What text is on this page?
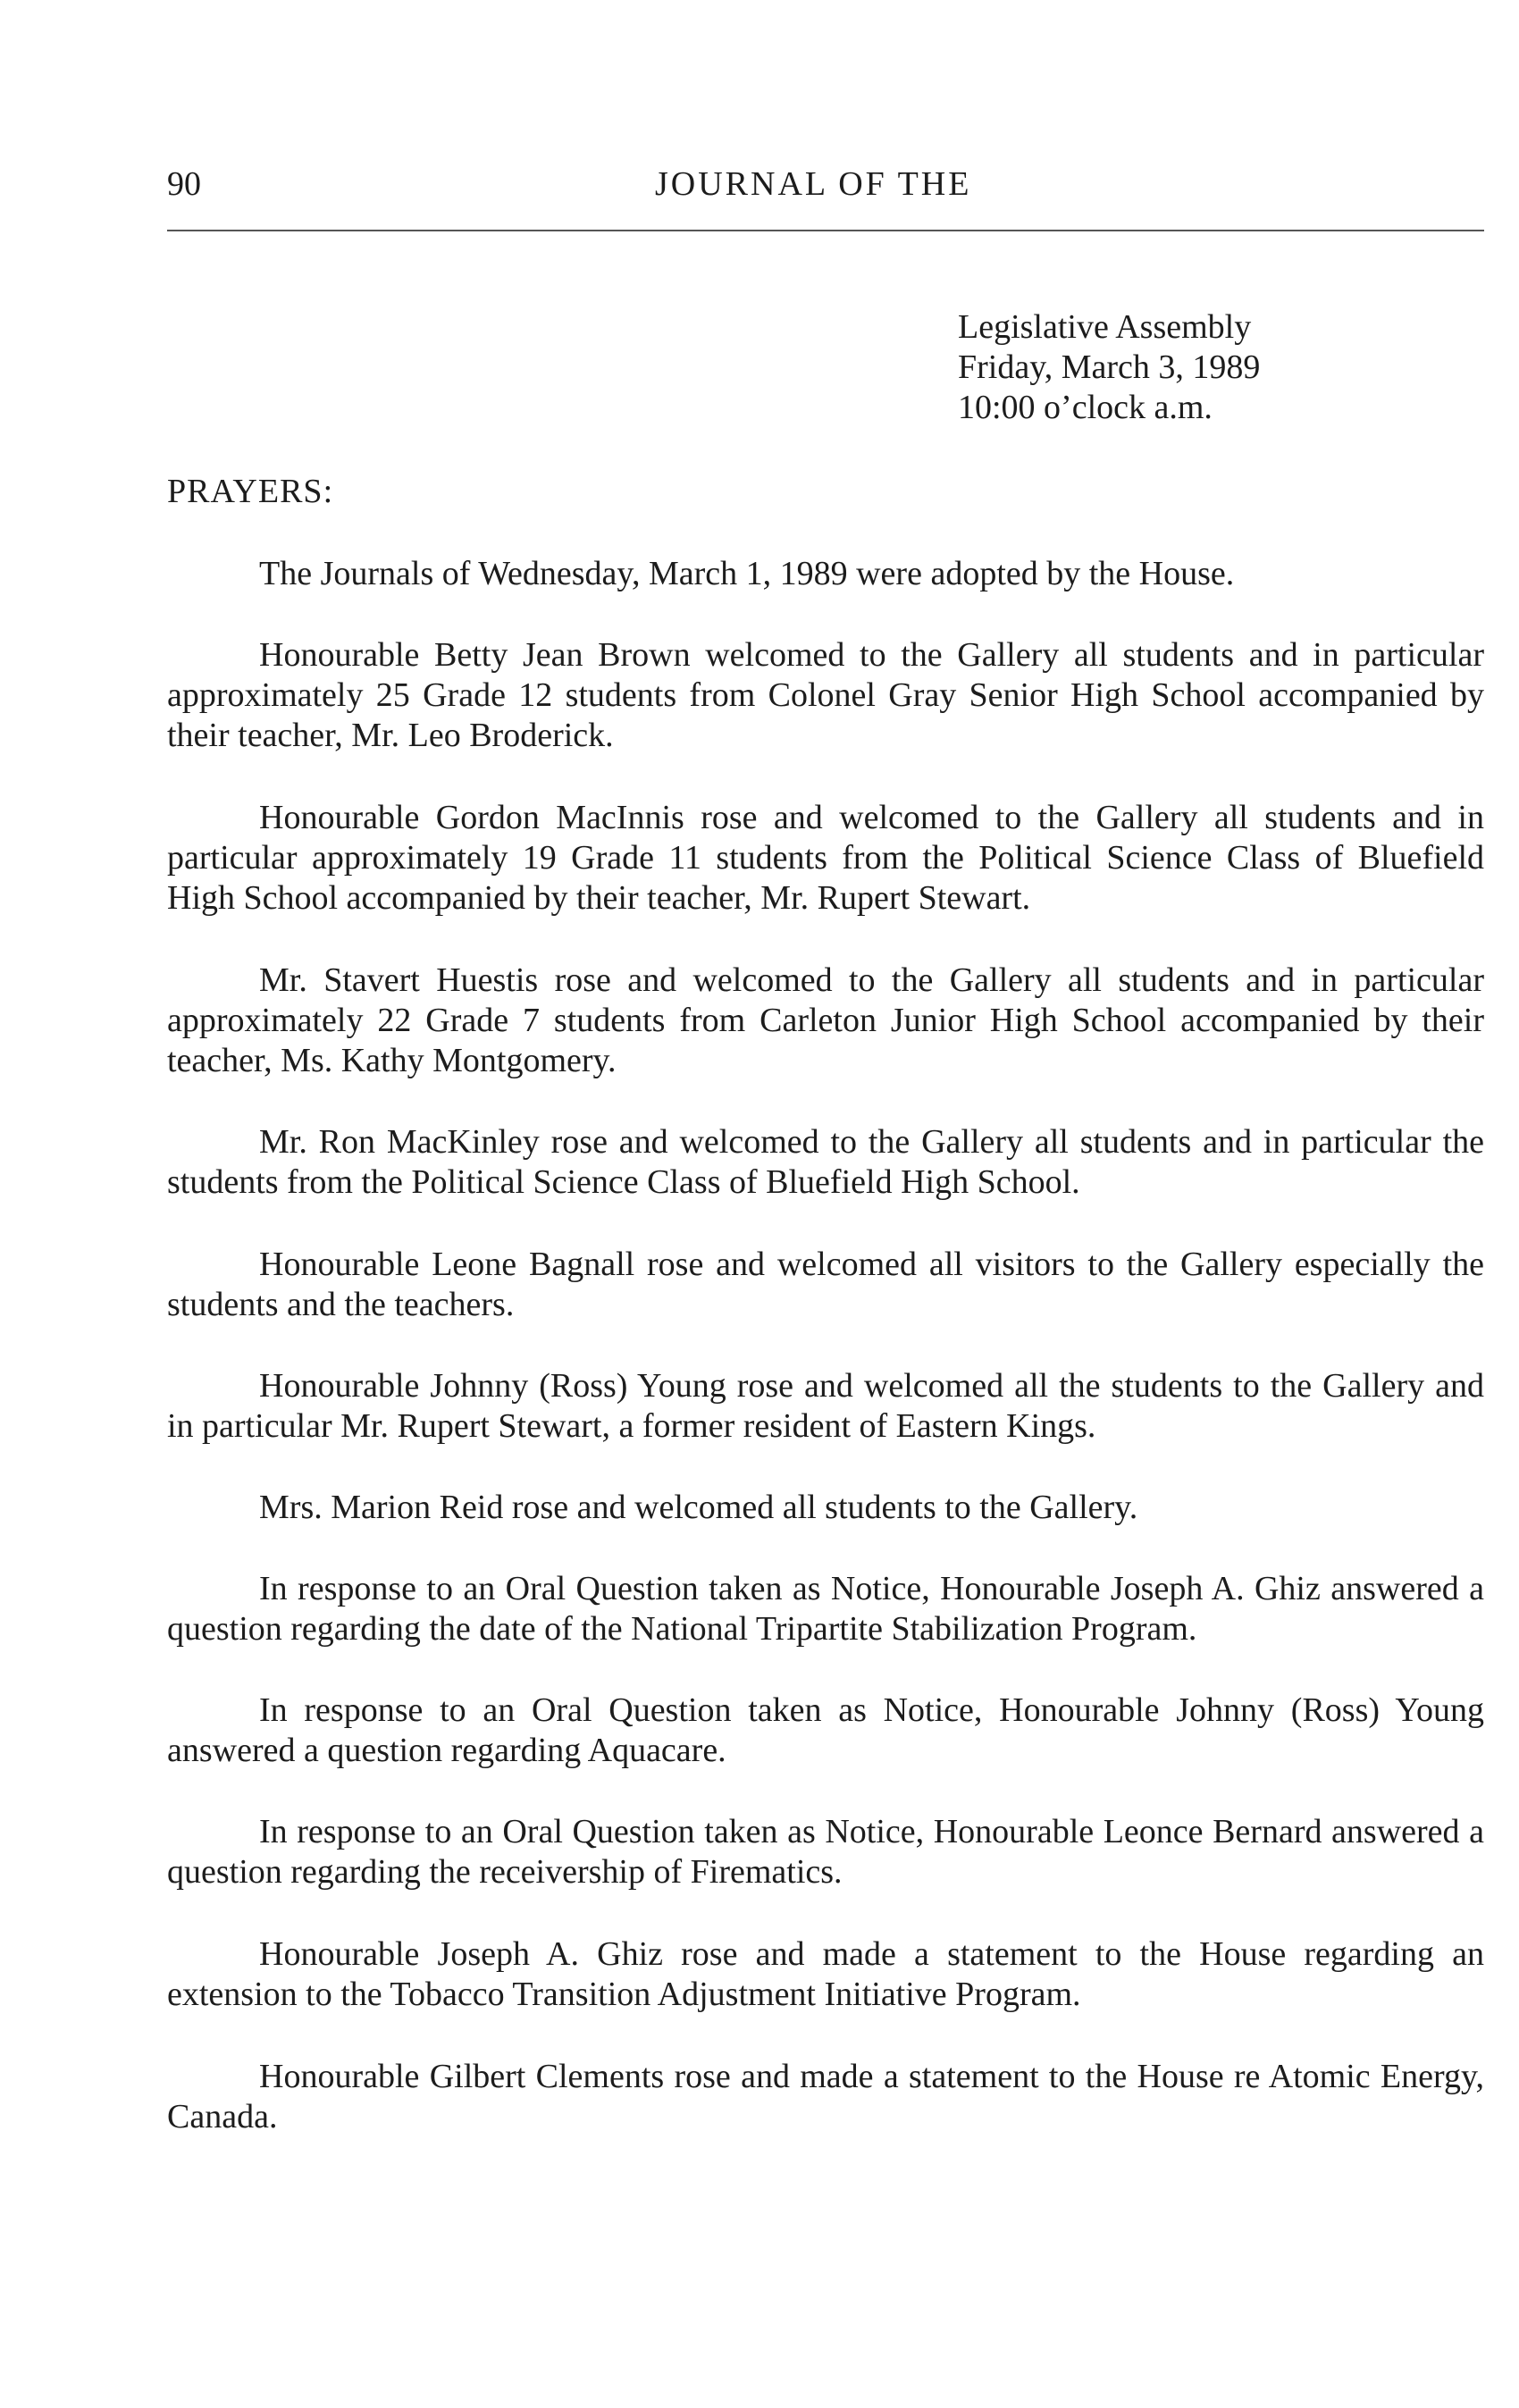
90	JOURNAL OF THE
Legislative Assembly
Friday, March 3, 1989
10:00 o’clock a.m.
PRAYERS:

The Journals of Wednesday, March 1, 1989 were adopted by the House.

Honourable Betty Jean Brown welcomed to the Gallery all students and in particular approximately 25 Grade 12 students from Colonel Gray Senior High School accompanied by their teacher, Mr. Leo Broderick.

Honourable Gordon MacInnis rose and welcomed to the Gallery all students and in particular approximately 19 Grade 11 students from the Political Science Class of Bluefield High School accompanied by their teacher, Mr. Rupert Stewart.

Mr. Stavert Huestis rose and welcomed to the Gallery all students and in particular approximately 22 Grade 7 students from Carleton Junior High School accompanied by their teacher, Ms. Kathy Montgomery.

Mr. Ron MacKinley rose and welcomed to the Gallery all students and in particular the students from the Political Science Class of Bluefield High School.

Honourable Leone Bagnall rose and welcomed all visitors to the Gallery especially the students and the teachers.

Honourable Johnny (Ross) Young rose and welcomed all the students to the Gallery and in particular Mr. Rupert Stewart, a former resident of Eastern Kings.

Mrs. Marion Reid rose and welcomed all students to the Gallery.

In response to an Oral Question taken as Notice, Honourable Joseph A. Ghiz answered a question regarding the date of the National Tripartite Stabilization Program.

In response to an Oral Question taken as Notice, Honourable Johnny (Ross) Young answered a question regarding Aquacare.

In response to an Oral Question taken as Notice, Honourable Leonce Bernard answered a question regarding the receivership of Firematics.

Honourable Joseph A. Ghiz rose and made a statement to the House regarding an extension to the Tobacco Transition Adjustment Initiative Program.

Honourable Gilbert Clements rose and made a statement to the House re Atomic Energy, Canada.
